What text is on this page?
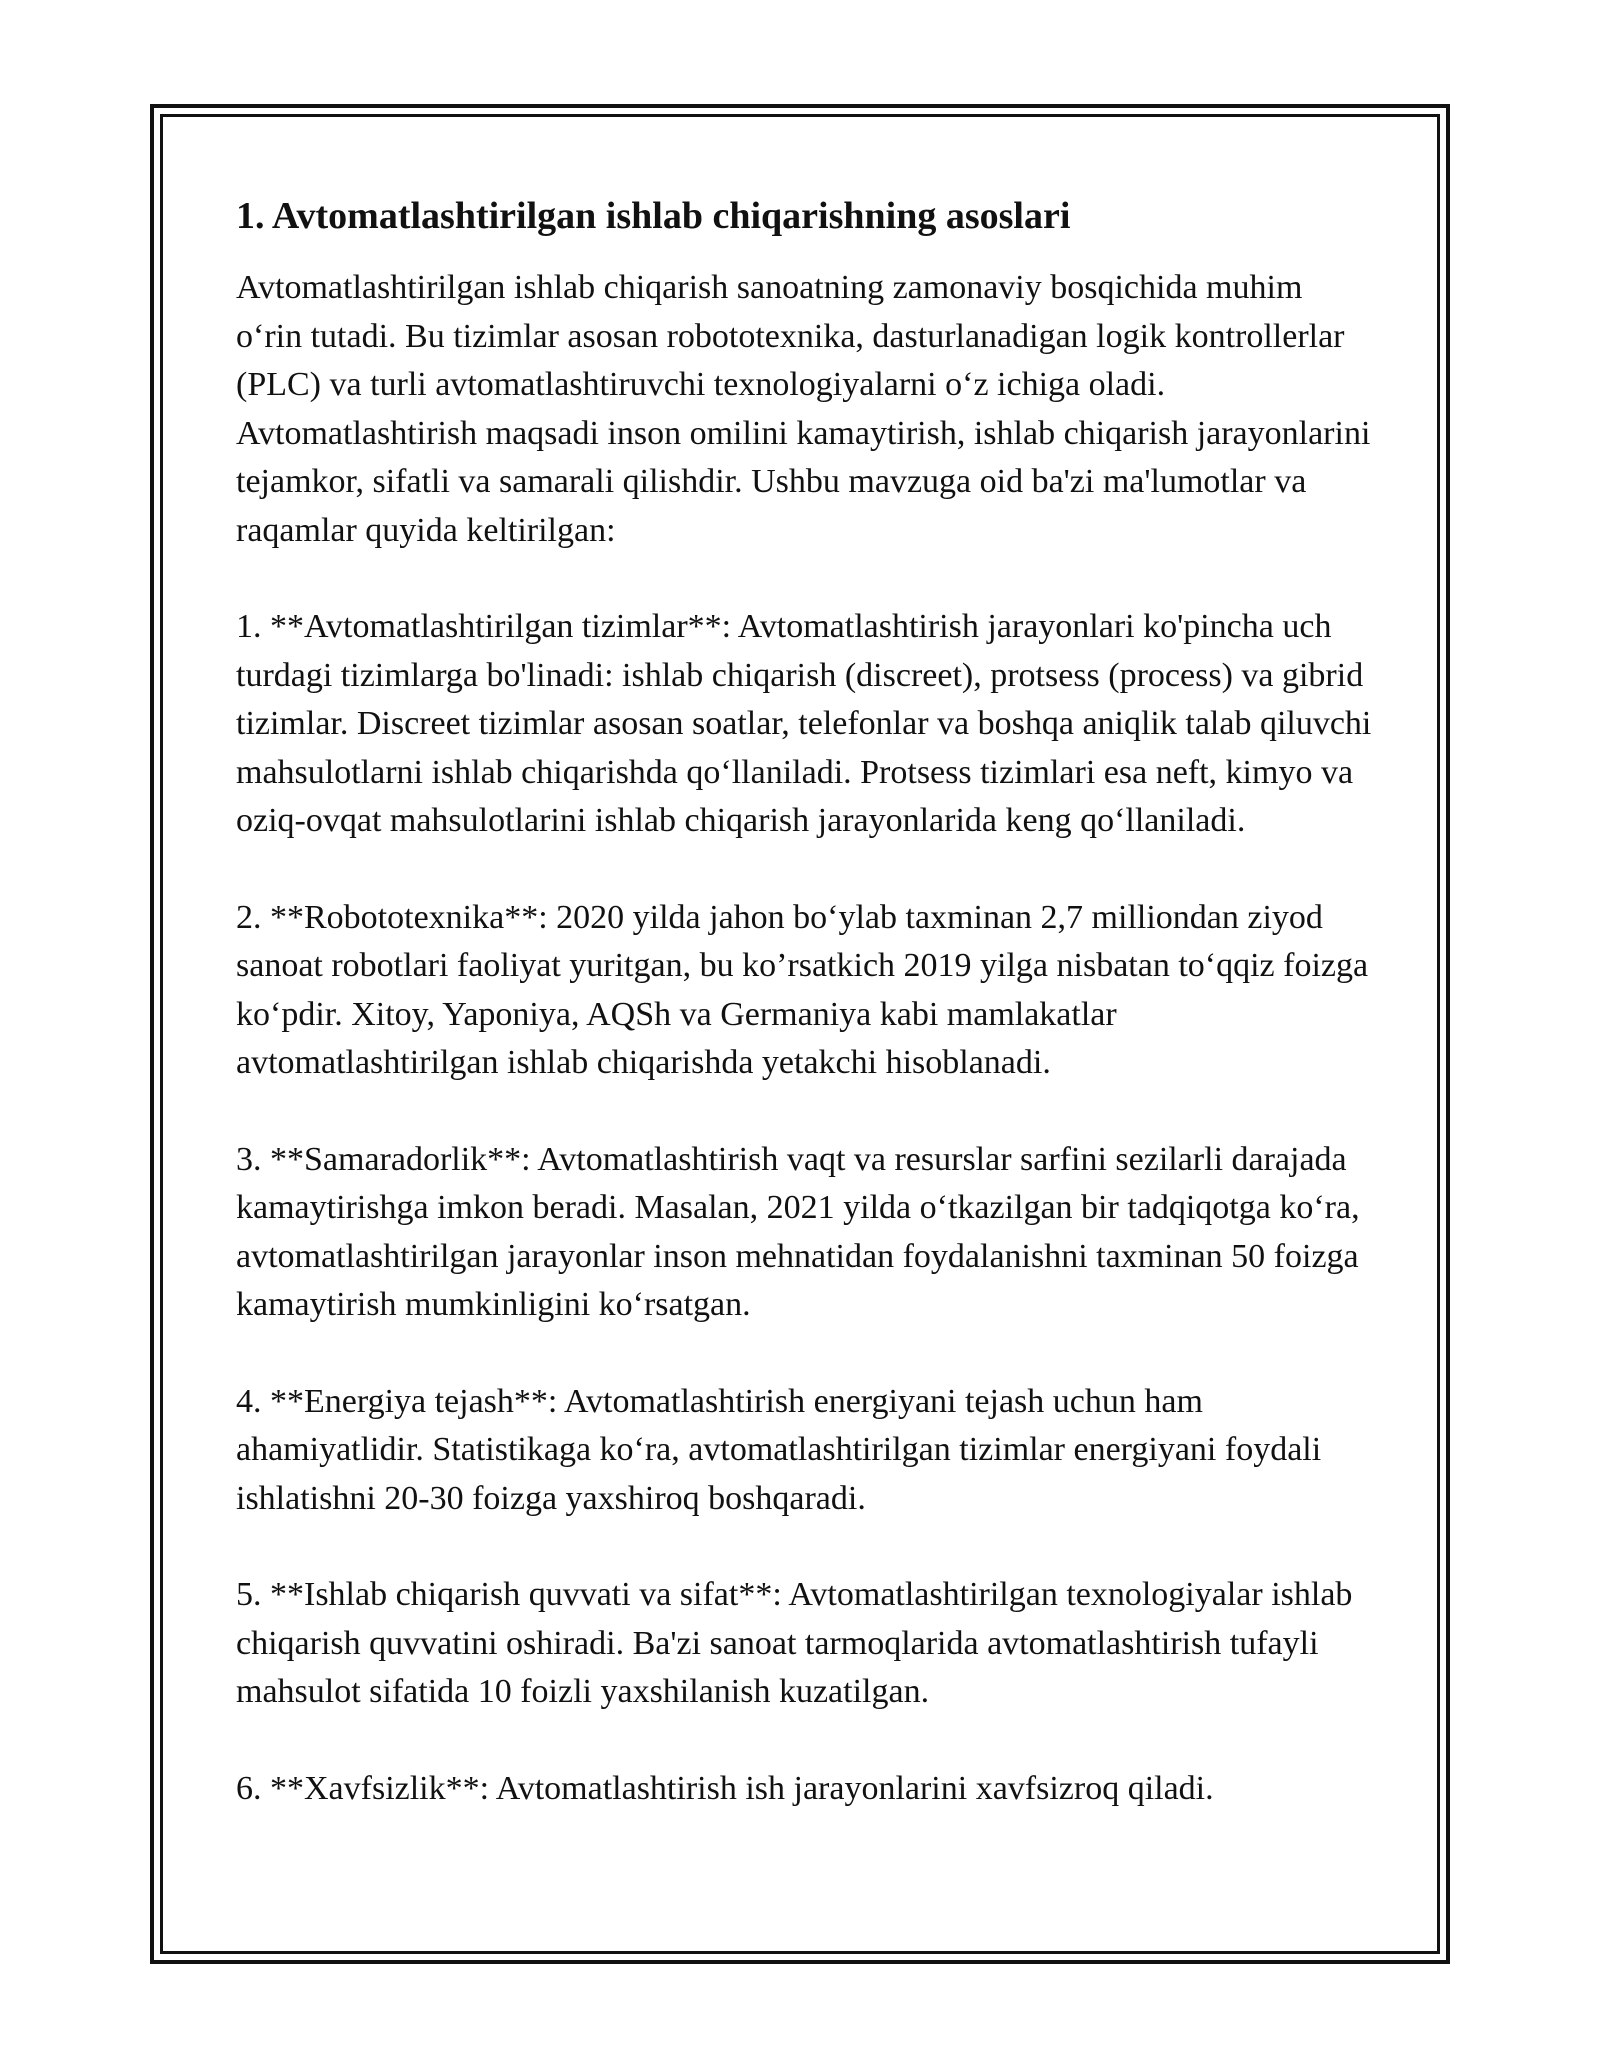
1. Avtomatlashtirilgan ishlab chiqarishning asoslari

Avtomatlashtirilgan ishlab chiqarish sanoatning zamonaviy bosqichida muhim o‘rin tutadi. Bu tizimlar asosan robototexnika, dasturlanadigan logik kontrollerlar (PLC) va turli avtomatlashtiruvchi texnologiyalarni o‘z ichiga oladi. Avtomatlashtirish maqsadi inson omilini kamaytirish, ishlab chiqarish jarayonlarini tejamkor, sifatli va samarali qilishdir. Ushbu mavzuga oid ba'zi ma'lumotlar va raqamlar quyida keltirilgan:

1. **Avtomatlashtirilgan tizimlar**: Avtomatlashtirish jarayonlari ko'pincha uch turdagi tizimlarga bo'linadi: ishlab chiqarish (discreet), protsess (process) va gibrid tizimlar. Discreet tizimlar asosan soatlar, telefonlar va boshqa aniqlik talab qiluvchi mahsulotlarni ishlab chiqarishda qo‘llaniladi. Protsess tizimlari esa neft, kimyo va oziq-ovqat mahsulotlarini ishlab chiqarish jarayonlarida keng qo‘llaniladi.

2. **Robototexnika**: 2020 yilda jahon bo‘ylab taxminan 2,7 milliondan ziyod sanoat robotlari faoliyat yuritgan, bu ko’rsatkich 2019 yilga nisbatan to‘qqiz foizga ko‘pdir. Xitoy, Yaponiya, AQSh va Germaniya kabi mamlakatlar avtomatlashtirilgan ishlab chiqarishda yetakchi hisoblanadi.

3. **Samaradorlik**: Avtomatlashtirish vaqt va resurslar sarfini sezilarli darajada kamaytirishga imkon beradi. Masalan, 2021 yilda o‘tkazilgan bir tadqiqotga ko‘ra, avtomatlashtirilgan jarayonlar inson mehnatidan foydalanishni taxminan 50 foizga kamaytirish mumkinligini ko‘rsatgan.

4. **Energiya tejash**: Avtomatlashtirish energiyani tejash uchun ham ahamiyatlidir. Statistikaga ko‘ra, avtomatlashtirilgan tizimlar energiyani foydali ishlatishni 20-30 foizga yaxshiroq boshqaradi.

5. **Ishlab chiqarish quvvati va sifat**: Avtomatlashtirilgan texnologiyalar ishlab chiqarish quvvatini oshiradi. Ba'zi sanoat tarmoqlarida avtomatlashtirish tufayli mahsulot sifatida 10 foizli yaxshilanish kuzatilgan.

6. **Xavfsizlik**: Avtomatlashtirish ish jarayonlarini xavfsizroq qiladi.
